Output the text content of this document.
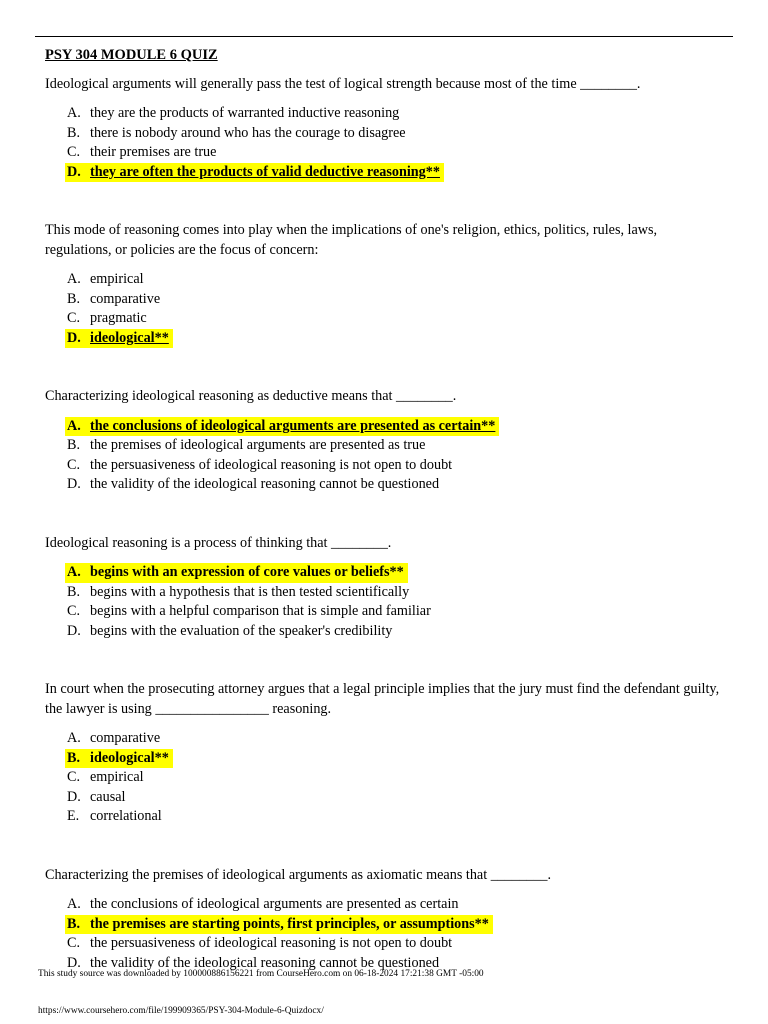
PSY 304 MODULE 6 QUIZ
Ideological arguments will generally pass the test of logical strength because most of the time ________.
A. they are the products of warranted inductive reasoning
B. there is nobody around who has the courage to disagree
C. their premises are true
D. they are often the products of valid deductive reasoning**
This mode of reasoning comes into play when the implications of one's religion, ethics, politics, rules, laws, regulations, or policies are the focus of concern:
A. empirical
B. comparative
C. pragmatic
D. ideological**
Characterizing ideological reasoning as deductive means that ________.
A. the conclusions of ideological arguments are presented as certain**
B. the premises of ideological arguments are presented as true
C. the persuasiveness of ideological reasoning is not open to doubt
D. the validity of the ideological reasoning cannot be questioned
Ideological reasoning is a process of thinking that ________.
A. begins with an expression of core values or beliefs**
B. begins with a hypothesis that is then tested scientifically
C. begins with a helpful comparison that is simple and familiar
D. begins with the evaluation of the speaker's credibility
In court when the prosecuting attorney argues that a legal principle implies that the jury must find the defendant guilty, the lawyer is using ________________ reasoning.
A. comparative
B. ideological**
C. empirical
D. causal
E. correlational
Characterizing the premises of ideological arguments as axiomatic means that ________.
A. the conclusions of ideological arguments are presented as certain
B. the premises are starting points, first principles, or assumptions**
C. the persuasiveness of ideological reasoning is not open to doubt
D. the validity of the ideological reasoning cannot be questioned
This study source was downloaded by 100000886156221 from CourseHero.com on 06-18-2024 17:21:38 GMT -05:00
https://www.coursehero.com/file/199909365/PSY-304-Module-6-Quizdocx/
